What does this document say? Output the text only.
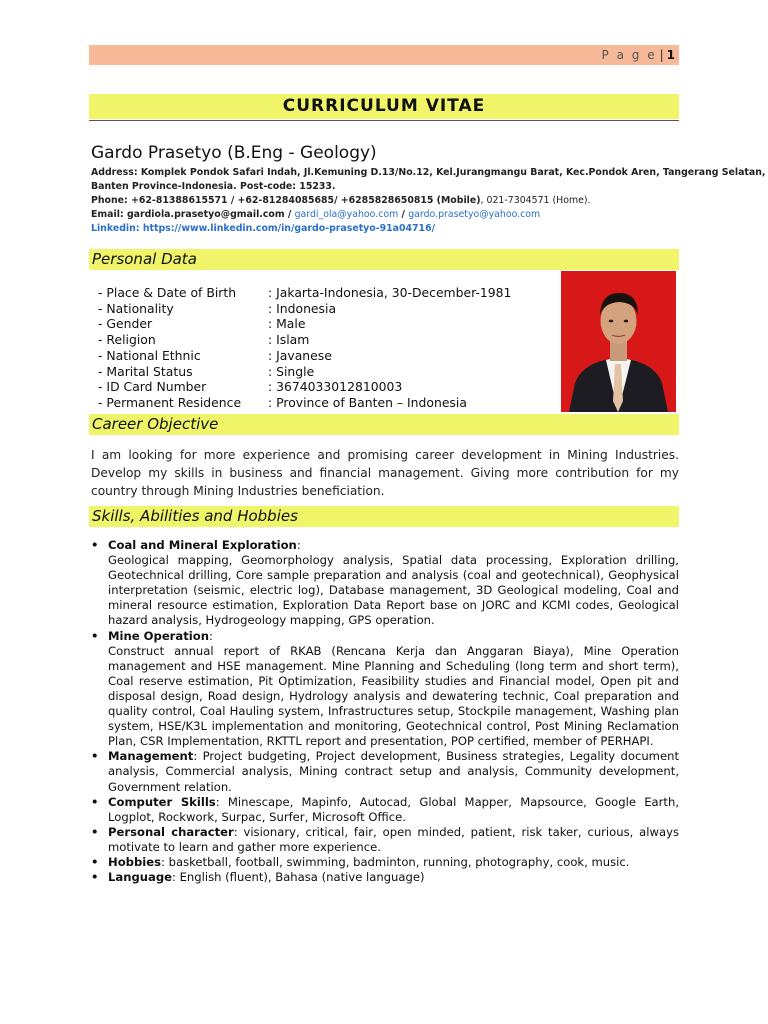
P a g e | 1
CURRICULUM VITAE
Gardo Prasetyo (B.Eng - Geology)
Address: Komplek Pondok Safari Indah, Jl.Kemuning D.13/No.12, Kel.Jurangmangu Barat, Kec.Pondok Aren, Tangerang Selatan,
Banten Province-Indonesia. Post-code: 15233.
Phone: +62-81388615571 / +62-81284085685/ +6285828650815 (Mobile), 021-7304571 (Home).
Email: gardiola.prasetyo@gmail.com / gardi_ola@yahoo.com / gardo.prasetyo@yahoo.com
Linkedin: https://www.linkedin.com/in/gardo-prasetyo-91a04716/
Personal Data
- Place & Date of Birth	: Jakarta-Indonesia, 30-December-1981
- Nationality	: Indonesia
- Gender	: Male
- Religion	: Islam
- National Ethnic	: Javanese
- Marital Status	: Single
- ID Card Number	: 3674033012810003
- Permanent Residence	: Province of Banten – Indonesia
Career Objective
I am looking for more experience and promising career development in Mining Industries. Develop my skills in business and financial management. Giving more contribution for my country through Mining Industries beneficiation.
Skills, Abilities and Hobbies
• Coal and Mineral Exploration:
Geological mapping, Geomorphology analysis, Spatial data processing, Exploration drilling, Geotechnical drilling, Core sample preparation and analysis (coal and geotechnical), Geophysical interpretation (seismic, electric log), Database management, 3D Geological modeling, Coal and mineral resource estimation, Exploration Data Report base on JORC and KCMI codes, Geological hazard analysis, Hydrogeology mapping, GPS operation.
• Mine Operation:
Construct annual report of RKAB (Rencana Kerja dan Anggaran Biaya), Mine Operation management and HSE management. Mine Planning and Scheduling (long term and short term), Coal reserve estimation, Pit Optimization, Feasibility studies and Financial model, Open pit and disposal design, Road design, Hydrology analysis and dewatering technic, Coal preparation and quality control, Coal Hauling system, Infrastructures setup, Stockpile management, Washing plan system, HSE/K3L implementation and monitoring, Geotechnical control, Post Mining Reclamation Plan, CSR Implementation, RKTTL report and presentation, POP certified, member of PERHAPI.
• Management: Project budgeting, Project development, Business strategies, Legality document analysis, Commercial analysis, Mining contract setup and analysis, Community development, Government relation.
• Computer Skills: Minescape, Mapinfo, Autocad, Global Mapper, Mapsource, Google Earth, Logplot, Rockwork, Surpac, Surfer, Microsoft Office.
• Personal character: visionary, critical, fair, open minded, patient, risk taker, curious, always motivate to learn and gather more experience.
• Hobbies: basketball, football, swimming, badminton, running, photography, cook, music.
• Language: English (fluent), Bahasa (native language)
